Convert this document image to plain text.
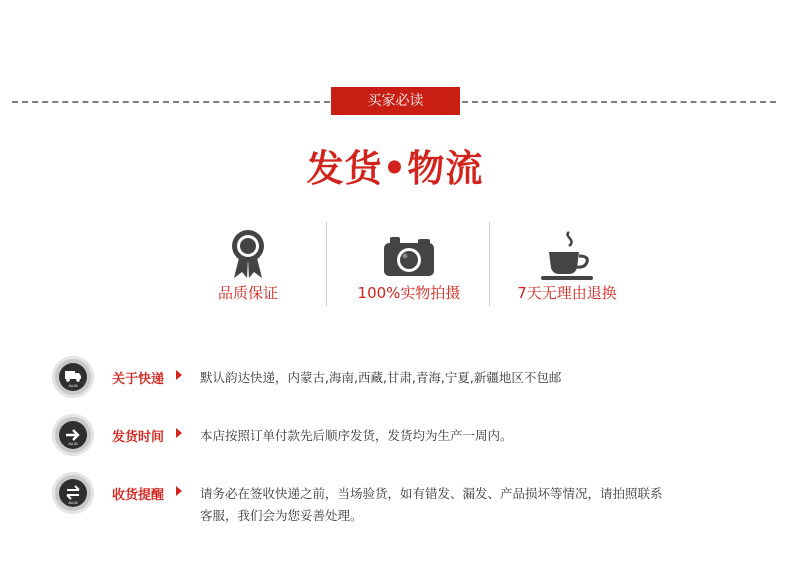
买家必读
发货•物流
品质保证	100%实物拍摄	7天无理由退换
ALLIN	关于快递	默认韵达快递，内蒙古,海南,西藏,甘肃,青海,宁夏,新疆地区不包邮
ALLIN	发货时间	本店按照订单付款先后顺序发货，发货均为生产一周内。
ALLIN	收货提醒	请务必在签收快递之前，当场验货，如有错发、漏发、产品损坏等情况，请拍照联系客服，我们会为您妥善处理。
